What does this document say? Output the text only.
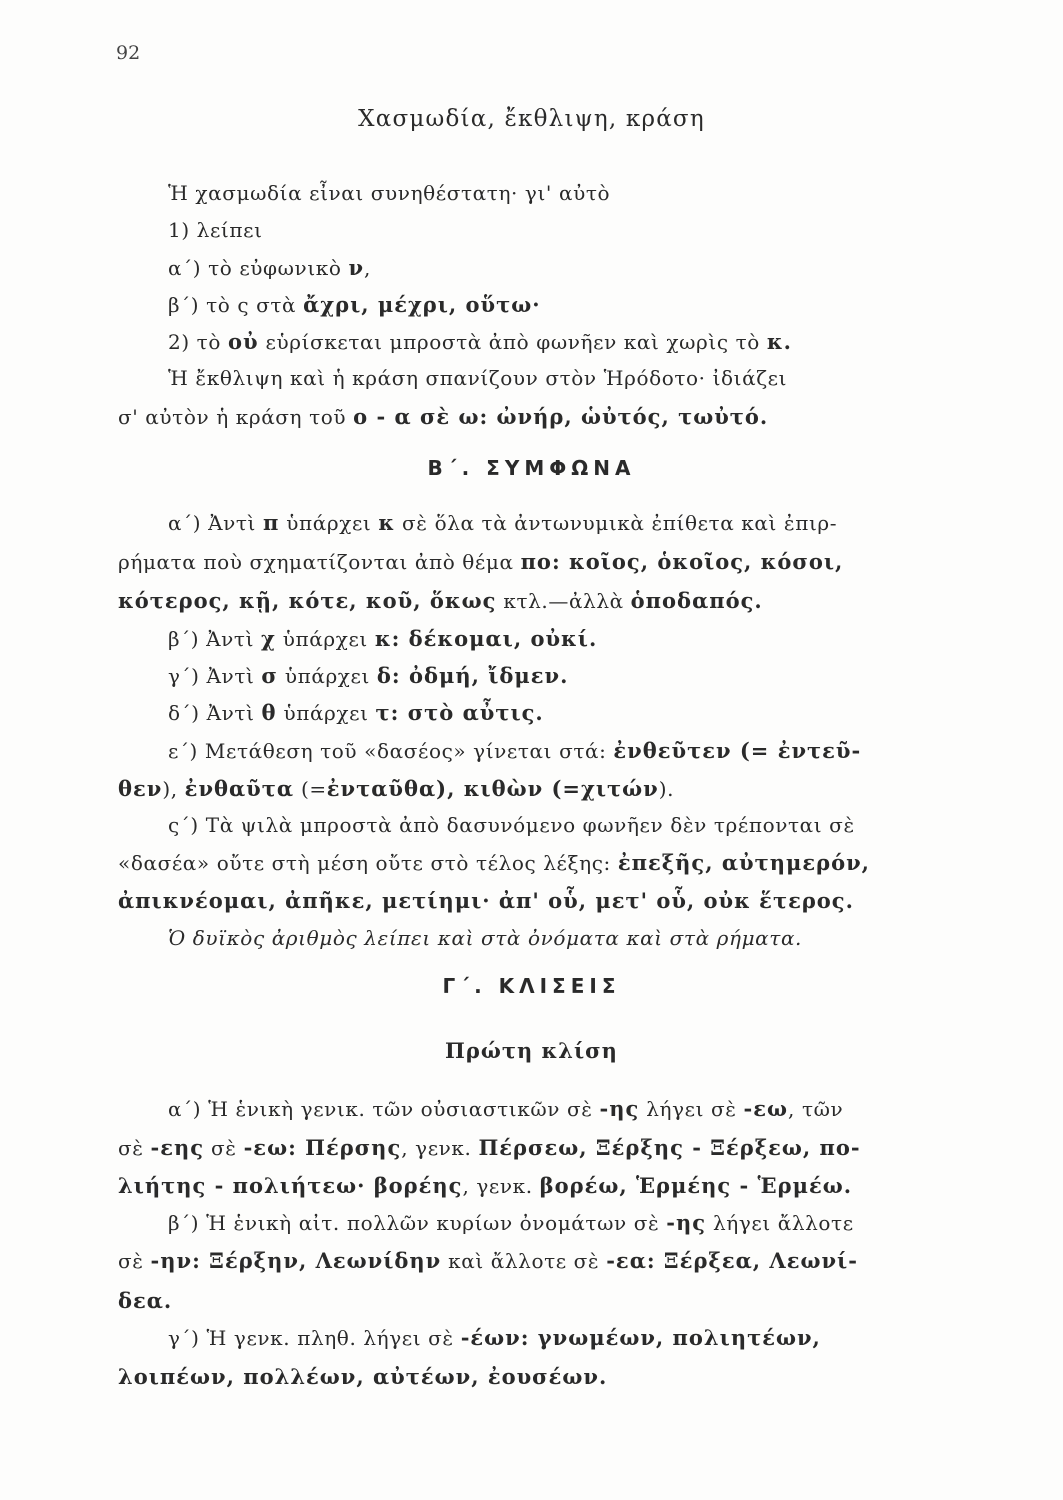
92
Χασμωδία, ἔκθλιψη, κράση
Ἡ χασμωδία εἶναι συνηθέστατη· γι' αὐτὸ
1) λείπει
α΄) τὸ εὐφωνικὸ ν,
β΄) τὸ ς στὰ ἄχρι, μέχρι, οὕτω·
2) τὸ οὐ εὑρίσκεται μπροστὰ ἀπὸ φωνῆεν καὶ χωρὶς τὸ κ.
Ἡ ἔκθλιψη καὶ ἡ κράση σπανίζουν στὸν Ἡρόδοτο· ἰδιάζει
σ' αὐτὸν ἡ κράση τοῦ ο - α σὲ ω: ὠνήρ, ὡὐτός, τωὐτό.
Β΄. ΣΥΜΦΩΝΑ
α΄) Ἀντὶ π ὑπάρχει κ σὲ ὅλα τὰ ἀντωνυμικὰ ἐπίθετα καὶ ἐπιρ-
ρήματα ποὺ σχηματίζονται ἀπὸ θέμα πο: κοῖος, ὁκοῖος, κόσοι,
κότερος, κῇ, κότε, κοῦ, ὅκως κτλ.—ἀλλὰ ὁποδαπός.
β΄) Ἀντὶ χ ὑπάρχει κ: δέκομαι, οὐκί.
γ΄) Ἀντὶ σ ὑπάρχει δ: ὀδμή, ἴδμεν.
δ΄) Ἀντὶ θ ὑπάρχει τ: στὸ αὖτις.
ε΄) Μετάθεση τοῦ «δασέος» γίνεται στά: ἐνθεῦτεν (= ἐντεῦ-
θεν), ἐνθαῦτα (=ἐνταῦθα), κιθὼν (=χιτών).
ς΄) Τὰ ψιλὰ μπροστὰ ἀπὸ δασυνόμενο φωνῆεν δὲν τρέπονται σὲ
«δασέα» οὔτε στὴ μέση οὔτε στὸ τέλος λέξης: ἐπεξῆς, αὐτημερόν,
ἀπικνέομαι, ἀπῆκε, μετίημι· ἀπ' οὗ, μετ' οὗ, οὐκ ἕτερος.
Ὁ δυϊκὸς ἀριθμὸς λείπει καὶ στὰ ὀνόματα καὶ στὰ ρήματα.
Γ΄. ΚΛΙΣΕΙΣ
Πρώτη κλίση
α΄) Ἡ ἑνικὴ γενικ. τῶν οὐσιαστικῶν σὲ -ης λήγει σὲ -εω, τῶν
σὲ -εης σὲ -εω: Πέρσης, γενκ. Πέρσεω, Ξέρξης - Ξέρξεω, πο-
λιήτης - πολιήτεω· βορέης, γενκ. βορέω, Ἑρμέης - Ἑρμέω.
β΄) Ἡ ἑνικὴ αἰτ. πολλῶν κυρίων ὀνομάτων σὲ -ης λήγει ἄλλοτε
σὲ -ην: Ξέρξην, Λεωνίδην καὶ ἄλλοτε σὲ -εα: Ξέρξεα, Λεωνί-
δεα.
γ΄) Ἡ γενκ. πληθ. λήγει σὲ -έων: γνωμέων, πολιητέων,
λοιπέων, πολλέων, αὐτέων, ἐουσέων.
